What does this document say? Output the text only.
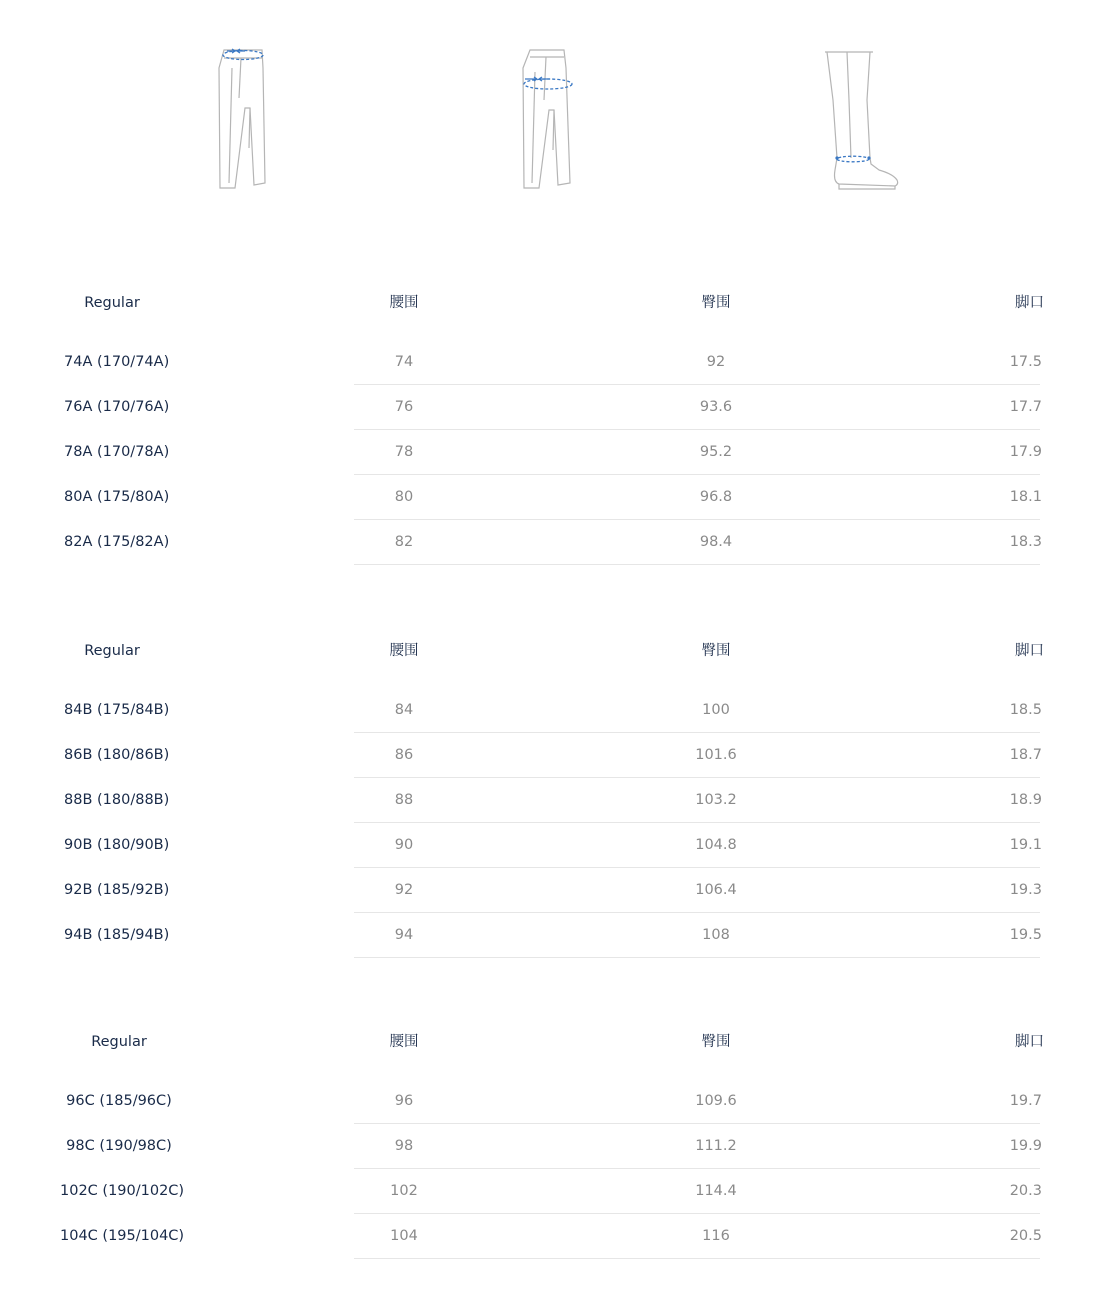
Regular	腰围	臀围	脚口
74A (170/74A)	74	92	17.5
76A (170/76A)	76	93.6	17.7
78A (170/78A)	78	95.2	17.9
80A (175/80A)	80	96.8	18.1
82A (175/82A)	82	98.4	18.3
Regular	腰围	臀围	脚口
84B (175/84B)	84	100	18.5
86B (180/86B)	86	101.6	18.7
88B (180/88B)	88	103.2	18.9
90B (180/90B)	90	104.8	19.1
92B (185/92B)	92	106.4	19.3
94B (185/94B)	94	108	19.5
Regular	腰围	臀围	脚口
96C (185/96C)	96	109.6	19.7
98C (190/98C)	98	111.2	19.9
102C (190/102C)	102	114.4	20.3
104C (195/104C)	104	116	20.5
